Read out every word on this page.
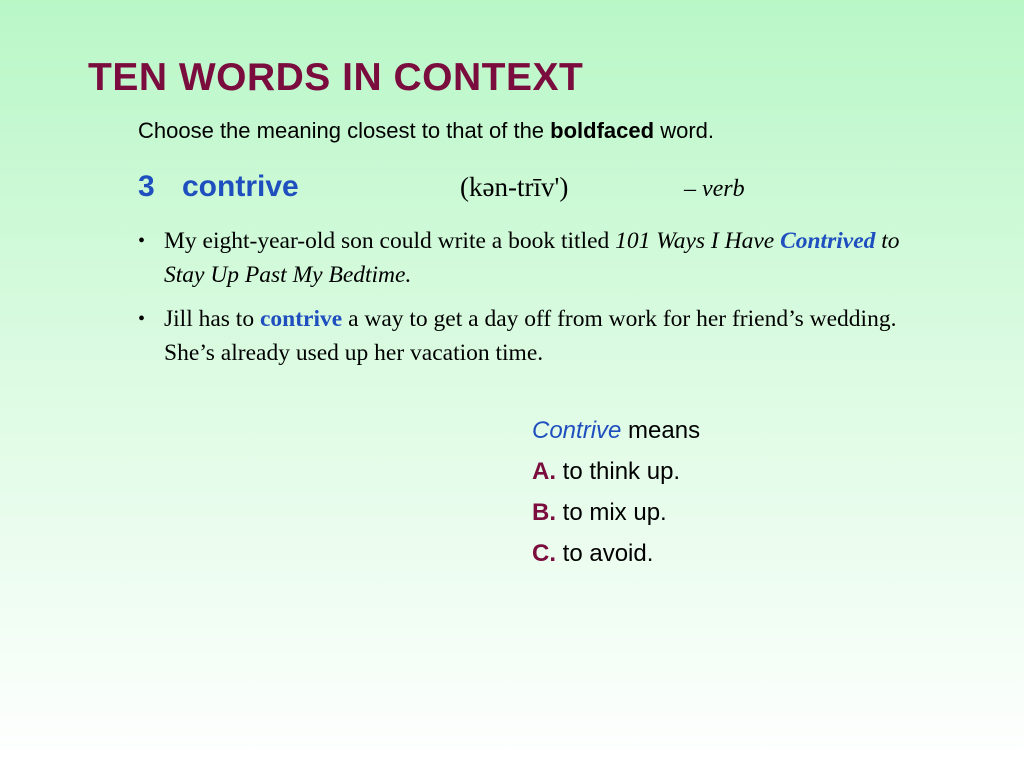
TEN WORDS IN CONTEXT
Choose the meaning closest to that of the boldfaced word.
3 contrive	(kən-trīv')	– verb
• My eight-year-old son could write a book titled 101 Ways I Have Contrived to Stay Up Past My Bedtime.
• Jill has to contrive a way to get a day off from work for her friend’s wedding. She’s already used up her vacation time.
Contrive means
A. to think up.
B. to mix up.
C. to avoid.
